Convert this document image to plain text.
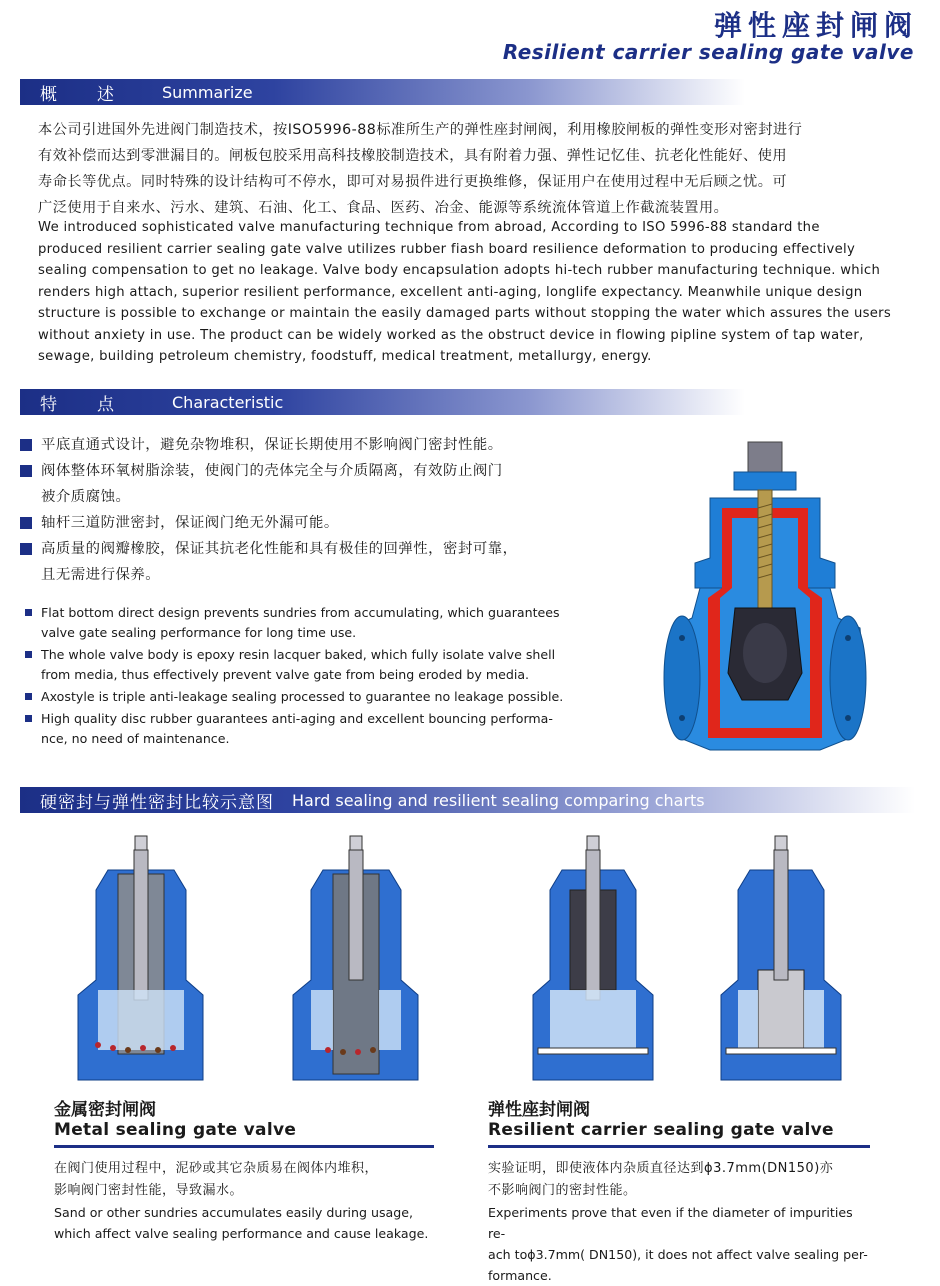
弹性座封闸阀
Resilient carrier sealing gate valve
概　　述	Summarize
本公司引进国外先进阀门制造技术，按ISO5996-88标准所生产的弹性座封闸阀，利用橡胶闸板的弹性变形对密封进行
有效补偿而达到零泄漏目的。闸板包胶采用高科技橡胶制造技术，具有附着力强、弹性记忆佳、抗老化性能好、使用
寿命长等优点。同时特殊的设计结构可不停水，即可对易损件进行更换维修，保证用户在使用过程中无后顾之忧。可
广泛使用于自来水、污水、建筑、石油、化工、食品、医药、冶金、能源等系统流体管道上作截流装置用。
We introduced sophisticated valve manufacturing technique from abroad, According to ISO 5996-88 standard the
produced resilient carrier sealing gate valve utilizes rubber fiash board resilience deformation to producing effectively
sealing compensation to get no leakage. Valve body encapsulation adopts hi-tech rubber manufacturing technique. which
renders high attach, superior resilient performance, excellent anti-aging, longlife expectancy. Meanwhile unique design
structure is possible to exchange or maintain the easily damaged parts without stopping the water which assures the users
without anxiety in use. The product can be widely worked as the obstruct device in flowing pipline system of tap water,
sewage, building petroleum chemistry, foodstuff, medical treatment, metallurgy, energy.
特　　点	Characteristic
平底直通式设计，避免杂物堆积，保证长期使用不影响阀门密封性能。
阀体整体环氧树脂涂装，使阀门的壳体完全与介质隔离，有效防止阀门
被介质腐蚀。
轴杆三道防泄密封，保证阀门绝无外漏可能。
高质量的阀瓣橡胶，保证其抗老化性能和具有极佳的回弹性，密封可靠，
且无需进行保养。
Flat bottom direct design prevents sundries from accumulating, which guarantees
valve gate sealing performance for long time use.
The whole valve body is epoxy resin lacquer baked, which fully isolate valve shell
from media, thus effectively prevent valve gate from being eroded by media.
Axostyle is triple anti-leakage sealing processed to guarantee no leakage possible.
High quality disc rubber guarantees anti-aging and excellent bouncing performa-
nce, no need of maintenance.
硬密封与弹性密封比较示意图 Hard sealing and resilient sealing comparing charts
金属密封闸阀
Metal sealing gate valve
在阀门使用过程中，泥砂或其它杂质易在阀体内堆积，
影响阀门密封性能，导致漏水。
Sand or other sundries accumulates easily during usage,
which affect valve sealing performance and cause leakage.
弹性座封闸阀
Resilient carrier sealing gate valve
实验证明，即使液体内杂质直径达到ϕ3.7mm(DN150)亦
不影响阀门的密封性能。
Experiments prove that even if the diameter of impurities re-
ach toϕ3.7mm( DN150), it does not affect valve sealing per-
formance.
